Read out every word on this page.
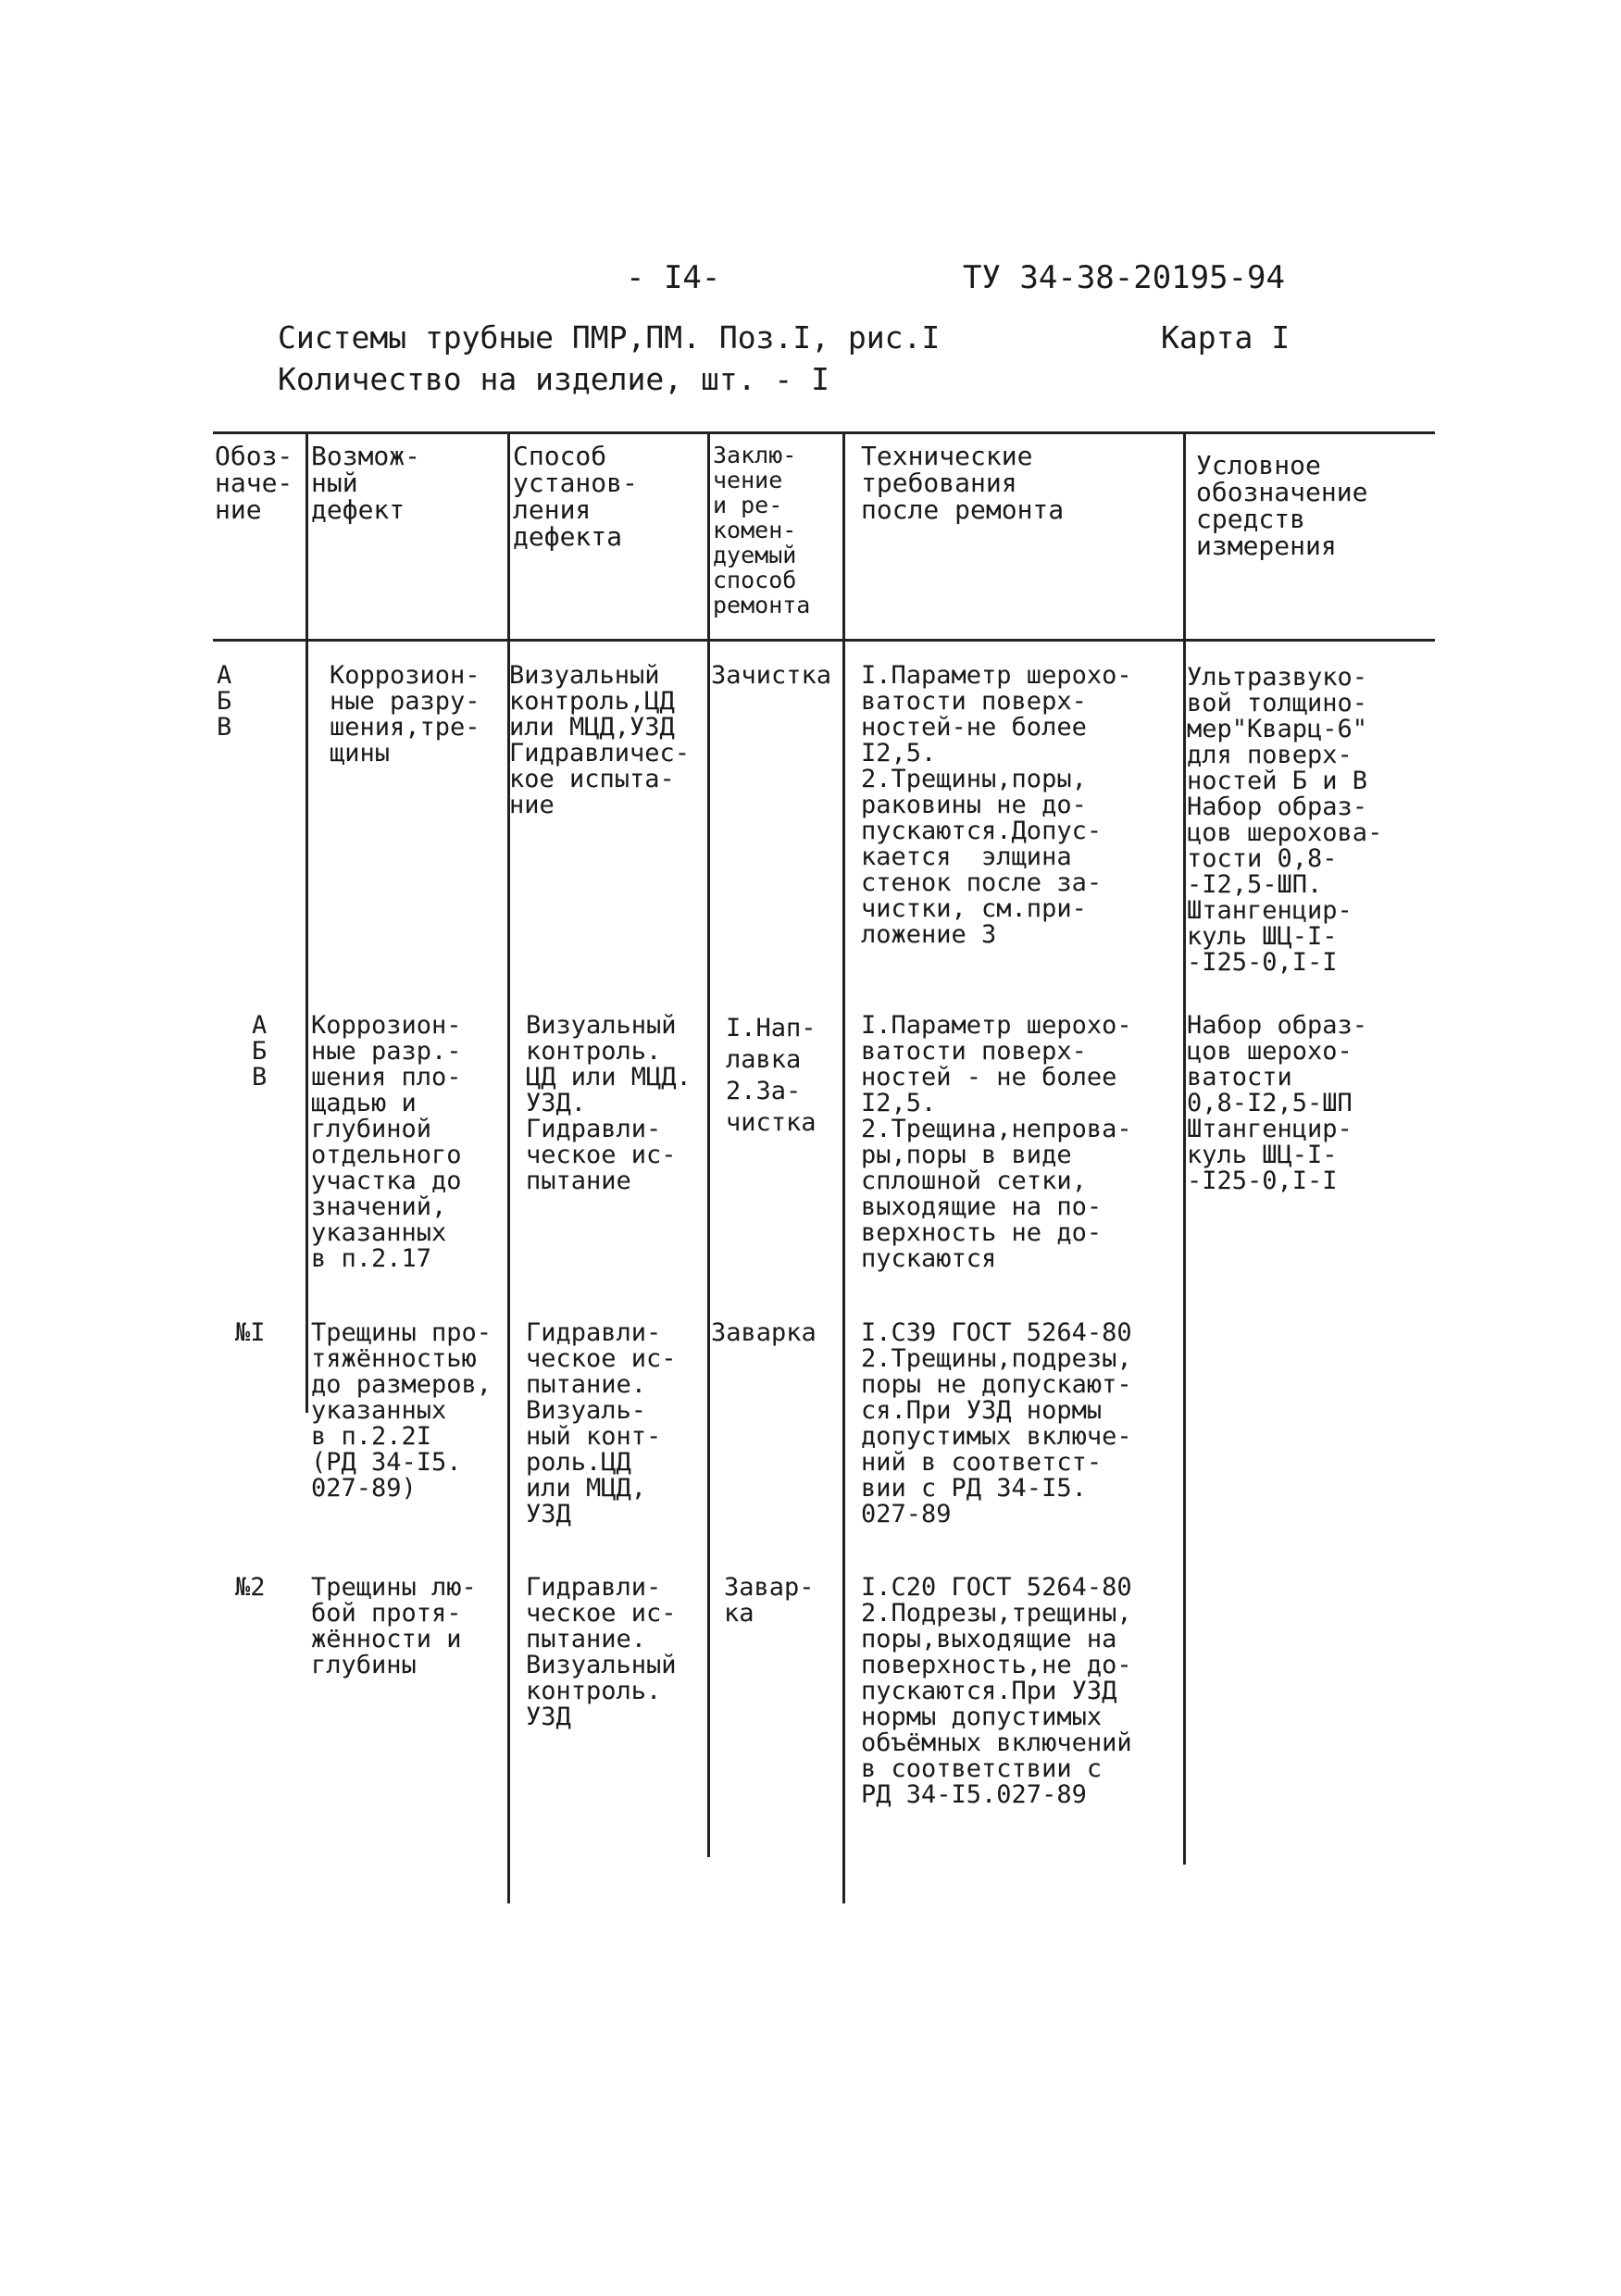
- I4-	ТУ 34-38-20195-94
Системы трубные ПМР,ПМ. Поз.I, рис.I	Карта I
Количество на изделие, шт. - I
Обоз-
наче-
ние
Возмож-
ный
дефект
Способ
установ-
ления
дефекта
Заклю-
чение
и ре-
комен-
дуемый
способ
ремонта
Технические
требования
после ремонта
Условное
обозначение
средств
измерения
А
Б
В
Коррозион-
ные разру-
шения,тре-
щины
Визуальный
контроль,ЦД
или МЦД,УЗД
Гидравличес-
кое испыта-
ние
Зачистка I.Параметр шерохо-
ватости поверх-
ностей-не более
I2,5.
2.Трещины,поры,
раковины не до-
пускаются.Допус-
кается  элщина
стенок после за-
чистки, см.при-
ложение 3
Ультразвуко-
вой толщино-
мер"Кварц-6"
для поверх-
ностей Б и В
Набор образ-
цов шерохова-
тости 0,8-
-I2,5-ШП.
Штангенцир-
куль ШЦ-I-
-I25-0,I-I
А
Б
В
Коррозион-
ные разр.-
шения пло-
щадью и
глубиной
отдельного
участка до
значений,
указанных
в п.2.17
Визуальный
контроль.
ЦД или МЦД.
УЗД.
Гидравли-
ческое ис-
пытание
I.Нап-
лавка
2.За-
чистка
I.Параметр шерохо-
ватости поверх-
ностей - не более
I2,5.
2.Трещина,непрова-
ры,поры в виде
сплошной сетки,
выходящие на по-
верхность не до-
пускаются
Набор образ-
цов шерохо-
ватости
0,8-I2,5-ШП
Штангенцир-
куль ШЦ-I-
-I25-0,I-I
№I Трещины про-
тяжённостью
до размеров,
указанных
в п.2.2I
(РД 34-I5.
027-89)
Гидравли-
ческое ис-
пытание.
Визуаль-
ный конт-
роль.ЦД
или МЦД,
УЗД
Заварка I.С39 ГОСТ 5264-80
2.Трещины,подрезы,
поры не допускают-
ся.При УЗД нормы
допустимых включе-
ний в соответст-
вии с РД 34-I5.
027-89
№2 Трещины лю-
бой протя-
жённости и
глубины
Гидравли-
ческое ис-
пытание.
Визуальный
контроль.
УЗД
Завар-
ка
I.С20 ГОСТ 5264-80
2.Подрезы,трещины,
поры,выходящие на
поверхность,не до-
пускаются.При УЗД
нормы допустимых
объёмных включений
в соответствии с
РД 34-I5.027-89
